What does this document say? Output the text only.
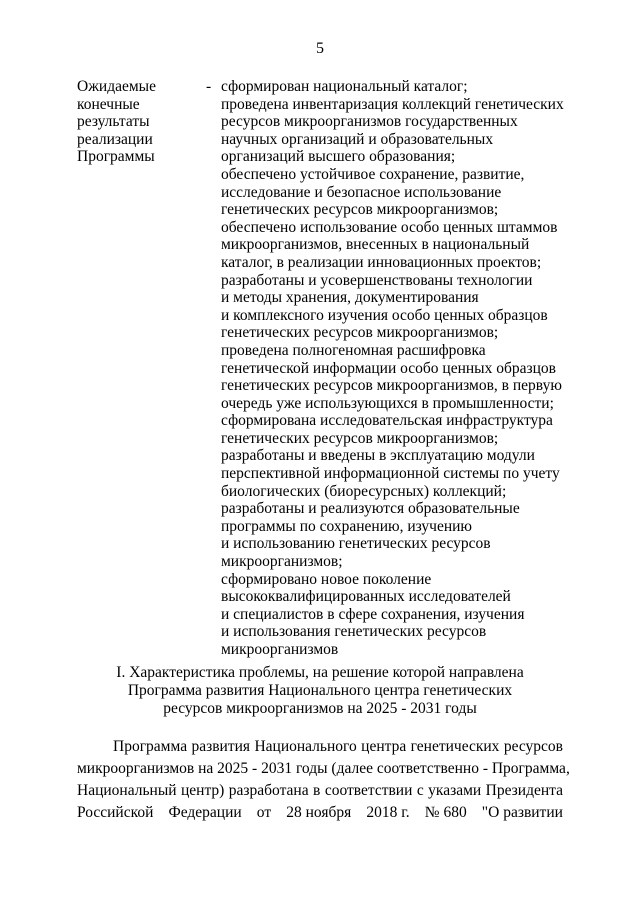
5
Ожидаемые
конечные
результаты
реализации
Программы
- сформирован национальный каталог;
проведена инвентаризация коллекций генетических
ресурсов микроорганизмов государственных
научных организаций и образовательных
организаций высшего образования;
обеспечено устойчивое сохранение, развитие,
исследование и безопасное использование
генетических ресурсов микроорганизмов;
обеспечено использование особо ценных штаммов
микроорганизмов, внесенных в национальный
каталог, в реализации инновационных проектов;
разработаны и усовершенствованы технологии
и методы хранения, документирования
и комплексного изучения особо ценных образцов
генетических ресурсов микроорганизмов;
проведена полногеномная расшифровка
генетической информации особо ценных образцов
генетических ресурсов микроорганизмов, в первую
очередь уже использующихся в промышленности;
сформирована исследовательская инфраструктура
генетических ресурсов микроорганизмов;
разработаны и введены в эксплуатацию модули
перспективной информационной системы по учету
биологических (биоресурсных) коллекций;
разработаны и реализуются образовательные
программы по сохранению, изучению
и использованию генетических ресурсов
микроорганизмов;
сформировано новое поколение
высококвалифицированных исследователей
и специалистов в сфере сохранения, изучения
и использования генетических ресурсов
микроорганизмов
I. Характеристика проблемы, на решение которой направлена
Программа развития Национального центра генетических
ресурсов микроорганизмов на 2025 - 2031 годы
Программа развития Национального центра генетических ресурсов
микроорганизмов на 2025 - 2031 годы (далее соответственно - Программа,
Национальный центр) разработана в соответствии с указами Президента
Российской Федерации от 28 ноября 2018 г. № 680 "О развитии
